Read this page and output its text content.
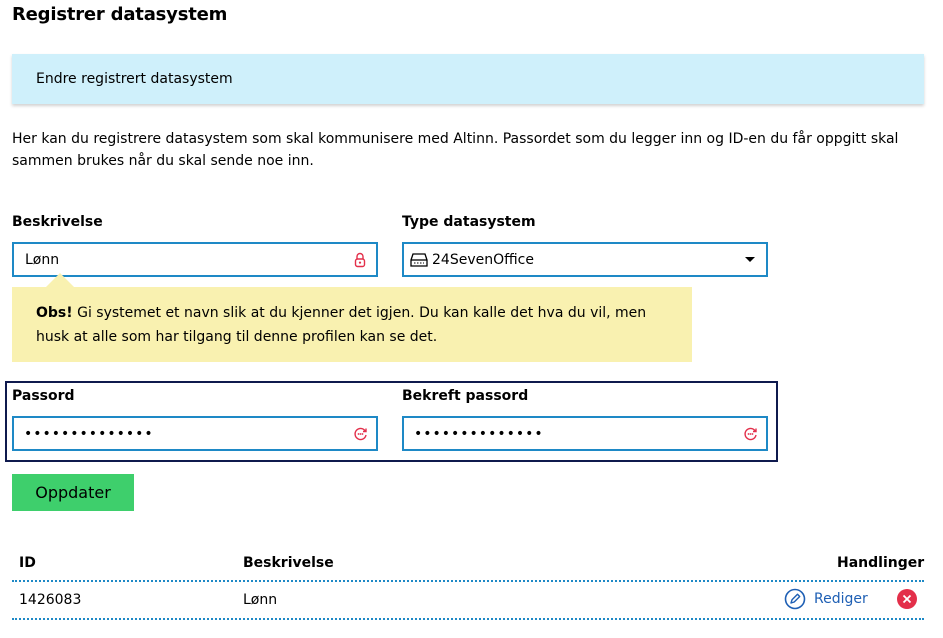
Registrer datasystem
Endre registrert datasystem

Her kan du registrere datasystem som skal kommunisere med Altinn. Passordet som du legger inn og ID-en du får oppgitt skal sammen brukes når du skal sende noe inn.

Beskrivelse
Lønn
Type datasystem
24SevenOffice
Obs! Gi systemet et navn slik at du kjenner det igjen. Du kan kalle det hva du vil, men husk at alle som har tilgang til denne profilen kan se det.
Passord
••••••••••••••
Bekreft passord
••••••••••••••
Oppdater
ID	Beskrivelse	Handlinger
1426083	Lønn	Rediger
